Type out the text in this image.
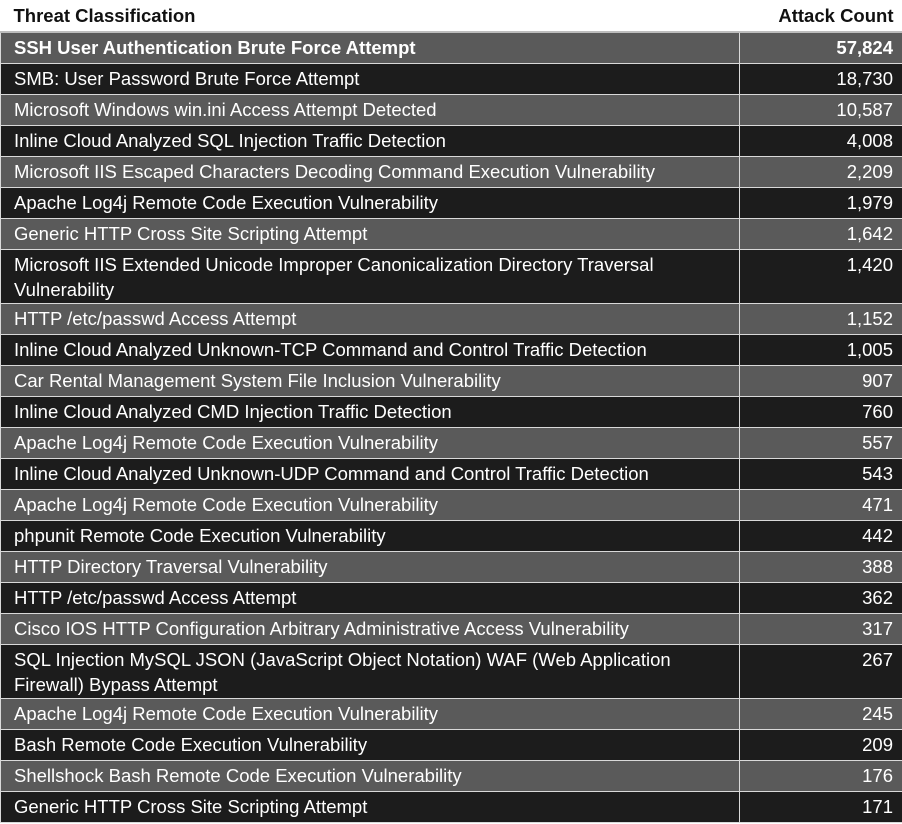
Threat Classification	Attack Count
SSH User Authentication Brute Force Attempt	57,824
SMB: User Password Brute Force Attempt	18,730
Microsoft Windows win.ini Access Attempt Detected	10,587
Inline Cloud Analyzed SQL Injection Traffic Detection	4,008
Microsoft IIS Escaped Characters Decoding Command Execution Vulnerability	2,209
Apache Log4j Remote Code Execution Vulnerability	1,979
Generic HTTP Cross Site Scripting Attempt	1,642
Microsoft IIS Extended Unicode Improper Canonicalization Directory Traversal Vulnerability	1,420
HTTP /etc/passwd Access Attempt	1,152
Inline Cloud Analyzed Unknown-TCP Command and Control Traffic Detection	1,005
Car Rental Management System File Inclusion Vulnerability	907
Inline Cloud Analyzed CMD Injection Traffic Detection	760
Apache Log4j Remote Code Execution Vulnerability	557
Inline Cloud Analyzed Unknown-UDP Command and Control Traffic Detection	543
Apache Log4j Remote Code Execution Vulnerability	471
phpunit Remote Code Execution Vulnerability	442
HTTP Directory Traversal Vulnerability	388
HTTP /etc/passwd Access Attempt	362
Cisco IOS HTTP Configuration Arbitrary Administrative Access Vulnerability	317
SQL Injection MySQL JSON (JavaScript Object Notation) WAF (Web Application Firewall) Bypass Attempt	267
Apache Log4j Remote Code Execution Vulnerability	245
Bash Remote Code Execution Vulnerability	209
Shellshock Bash Remote Code Execution Vulnerability	176
Generic HTTP Cross Site Scripting Attempt	171
